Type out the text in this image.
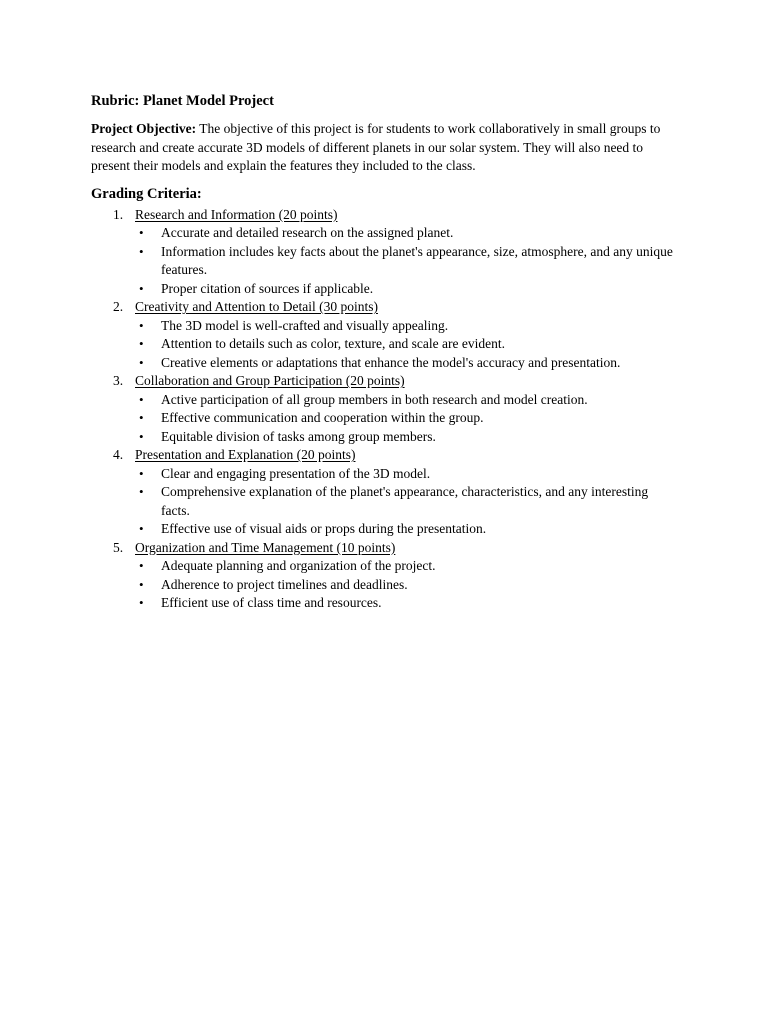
Rubric: Planet Model Project

Project Objective: The objective of this project is for students to work collaboratively in small groups to research and create accurate 3D models of different planets in our solar system. They will also need to present their models and explain the features they included to the class.

Grading Criteria:
1. Research and Information (20 points)
• Accurate and detailed research on the assigned planet.
• Information includes key facts about the planet's appearance, size, atmosphere, and any unique features.
• Proper citation of sources if applicable.
2. Creativity and Attention to Detail (30 points)
• The 3D model is well-crafted and visually appealing.
• Attention to details such as color, texture, and scale are evident.
• Creative elements or adaptations that enhance the model's accuracy and presentation.
3. Collaboration and Group Participation (20 points)
• Active participation of all group members in both research and model creation.
• Effective communication and cooperation within the group.
• Equitable division of tasks among group members.
4. Presentation and Explanation (20 points)
• Clear and engaging presentation of the 3D model.
• Comprehensive explanation of the planet's appearance, characteristics, and any interesting facts.
• Effective use of visual aids or props during the presentation.
5. Organization and Time Management (10 points)
• Adequate planning and organization of the project.
• Adherence to project timelines and deadlines.
• Efficient use of class time and resources.
